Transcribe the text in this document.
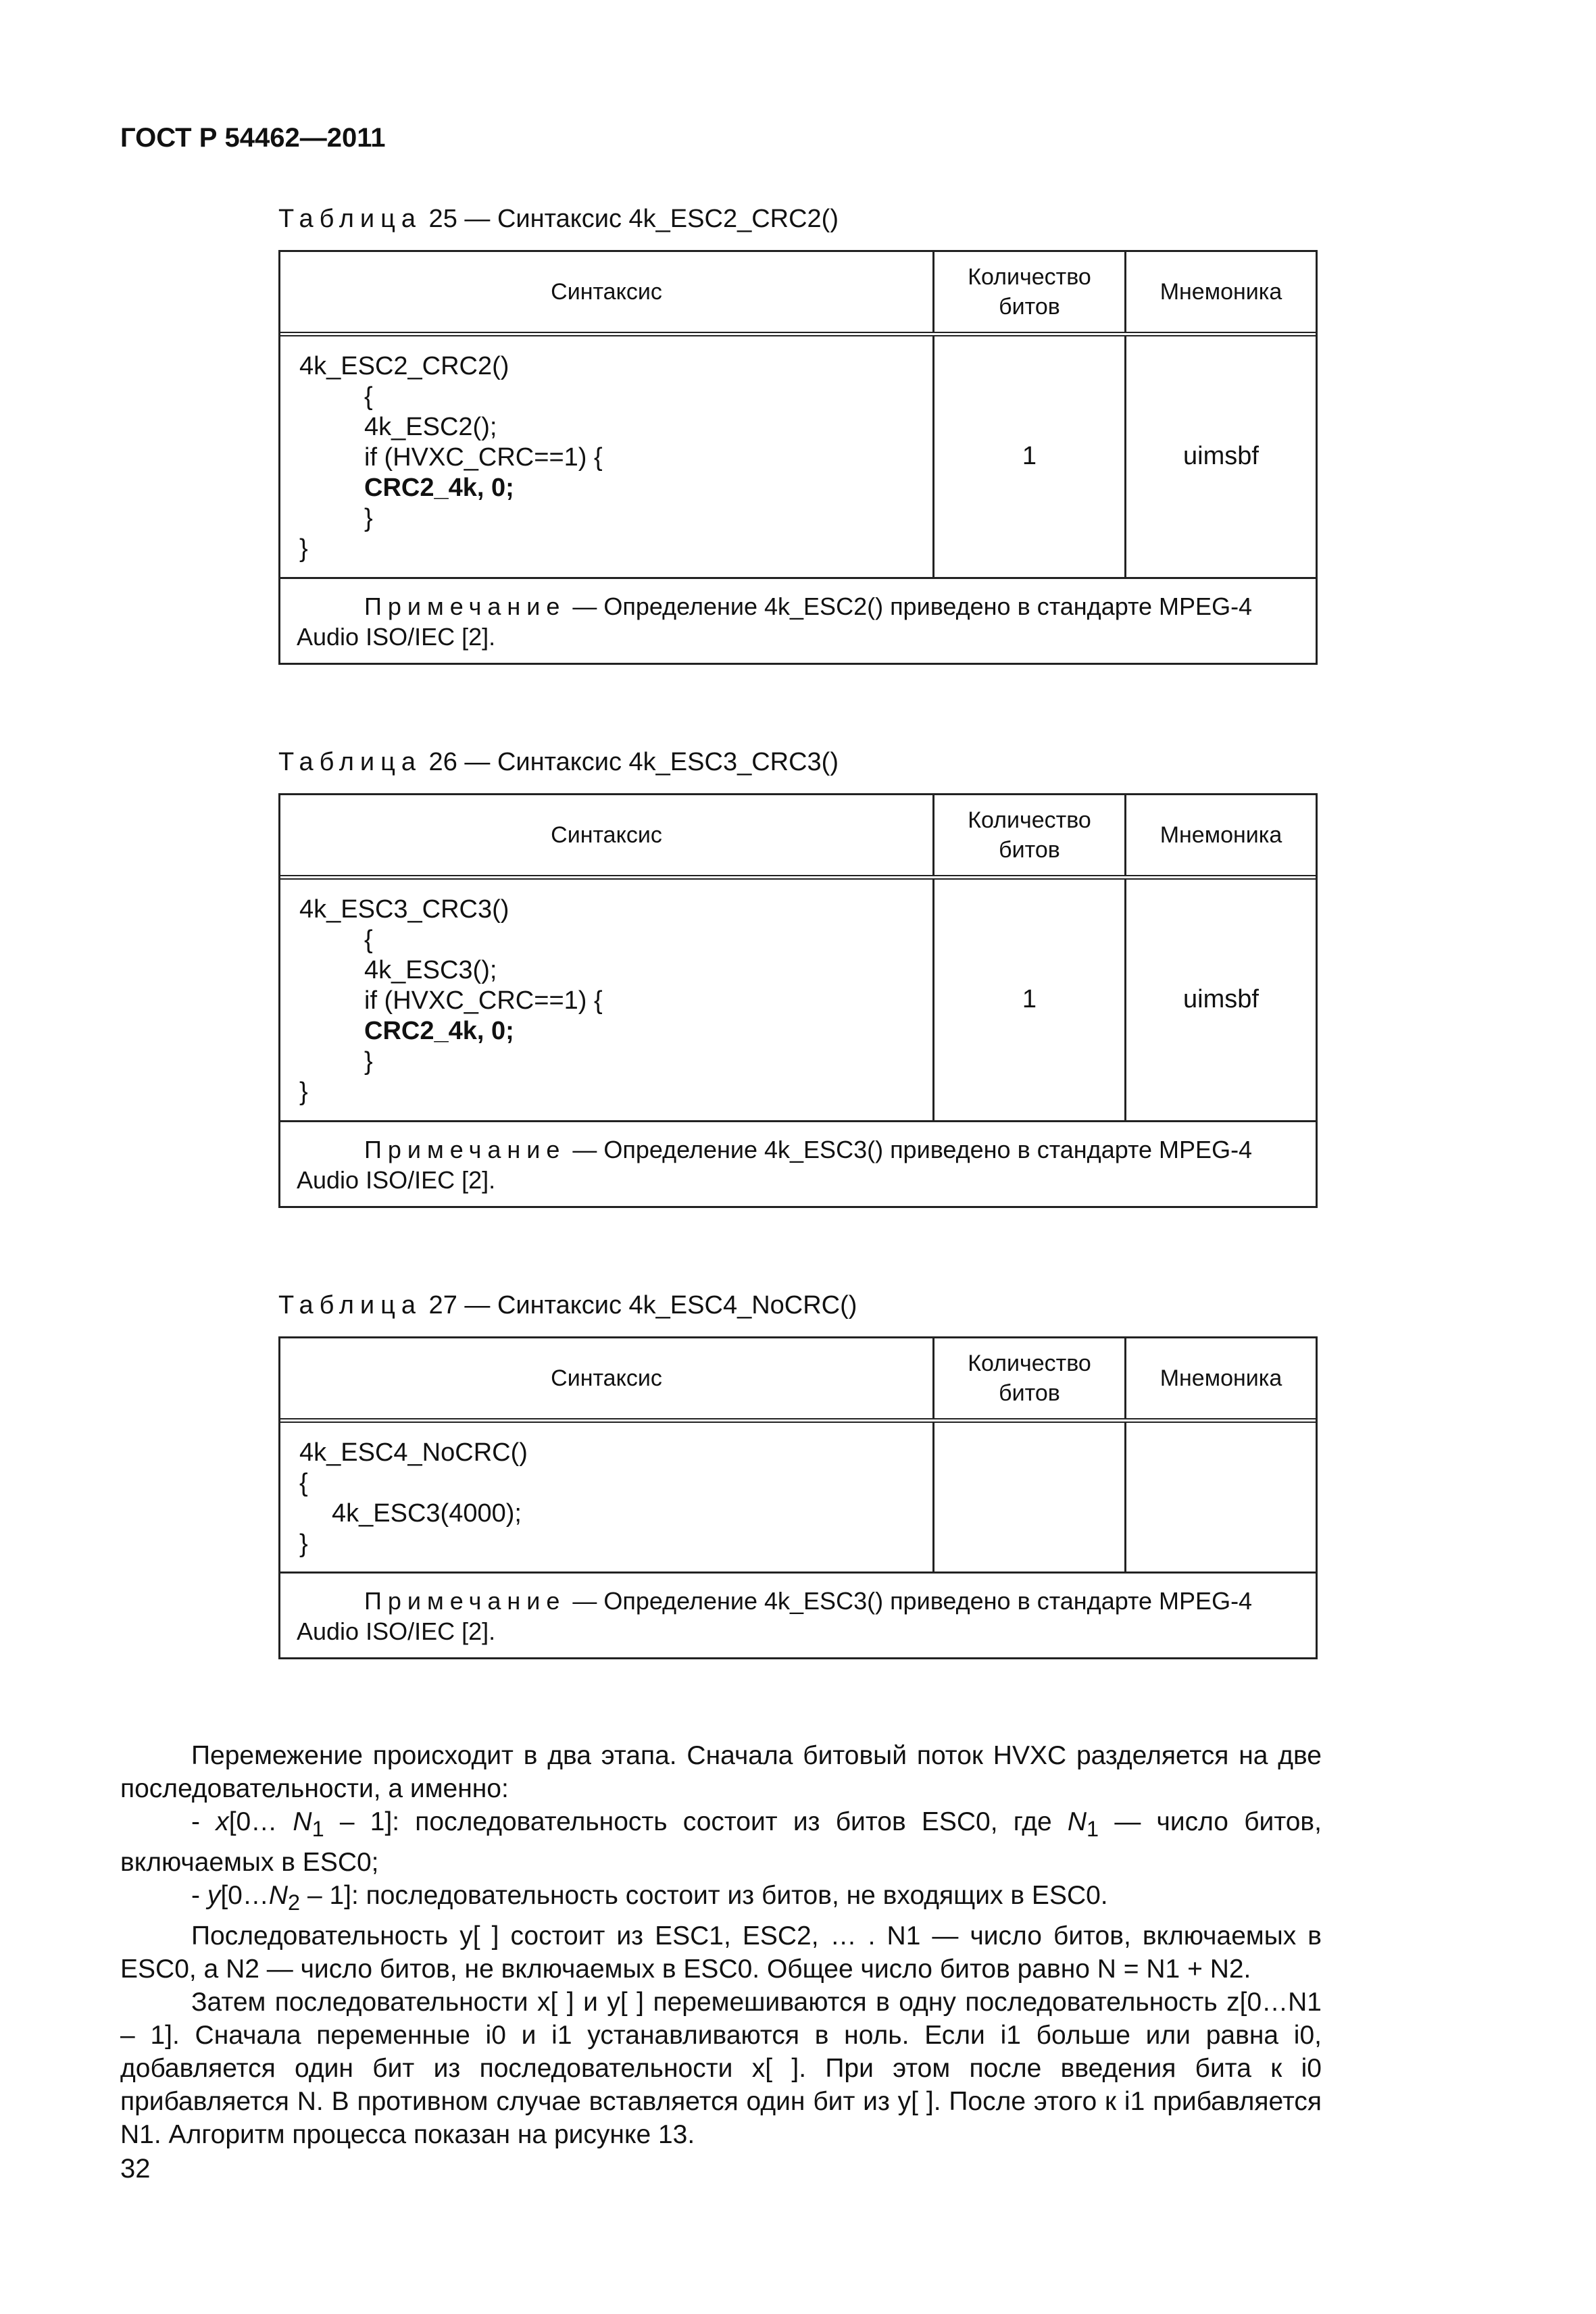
ГОСТ Р 54462—2011
Таблица 25 — Синтаксис 4k_ESC2_CRC2()
Синтаксис
Количество битов
Мнемоника
4k_ESC2_CRC2()
{
4k_ESC2();
if (HVXC_CRC==1) {
CRC2_4k, 0;
}
}
1	uimsbf
Примечание — Определение 4k_ESC2() приведено в стандарте MPEG-4
Audio ISO/IEC [2].
Таблица 26 — Синтаксис 4k_ESC3_CRC3()
Синтаксис
Количество битов
Мнемоника
4k_ESC3_CRC3()
{
4k_ESC3();
if (HVXC_CRC==1) {
CRC2_4k, 0;
}
}
1	uimsbf
Примечание — Определение 4k_ESC3() приведено в стандарте MPEG-4
Audio ISO/IEC [2].
Таблица 27 — Синтаксис 4k_ESC4_NoCRC()
Синтаксис
Количество битов
Мнемоника
4k_ESC4_NoCRC()
{
4k_ESC3(4000);
}
Примечание — Определение 4k_ESC3() приведено в стандарте MPEG-4
Audio ISO/IEC [2].

Перемежение происходит в два этапа. Сначала битовый поток HVXC разделяется на две последовательности, а именно:

- x[0… $N_1 - 1$]: последовательность состоит из битов ESC0, где $N_1$ — число битов, включаемых в ESC0;

- $y[0\dots N_2 - 1]$: последовательность состоит из битов, не входящих в ESC0.

Последовательность y[ ] состоит из ESC1, ESC2, … . N1 — число битов, включаемых в ESC0, а N2 — число битов, не включаемых в ESC0. Общее число битов равно N = N1 + N2.

Затем последовательности x[ ] и y[ ] перемешиваются в одну последовательность z[0…N1 – 1]. Сначала переменные i0 и i1 устанавливаются в ноль. Если i1 больше или равна i0, добавляется один бит из последовательности x[ ]. При этом после введения бита к i0 прибавляется N. В противном случае вставляется один бит из y[ ]. После этого к i1 прибавляется N1. Алгоритм процесса показан на рисунке 13.

32
